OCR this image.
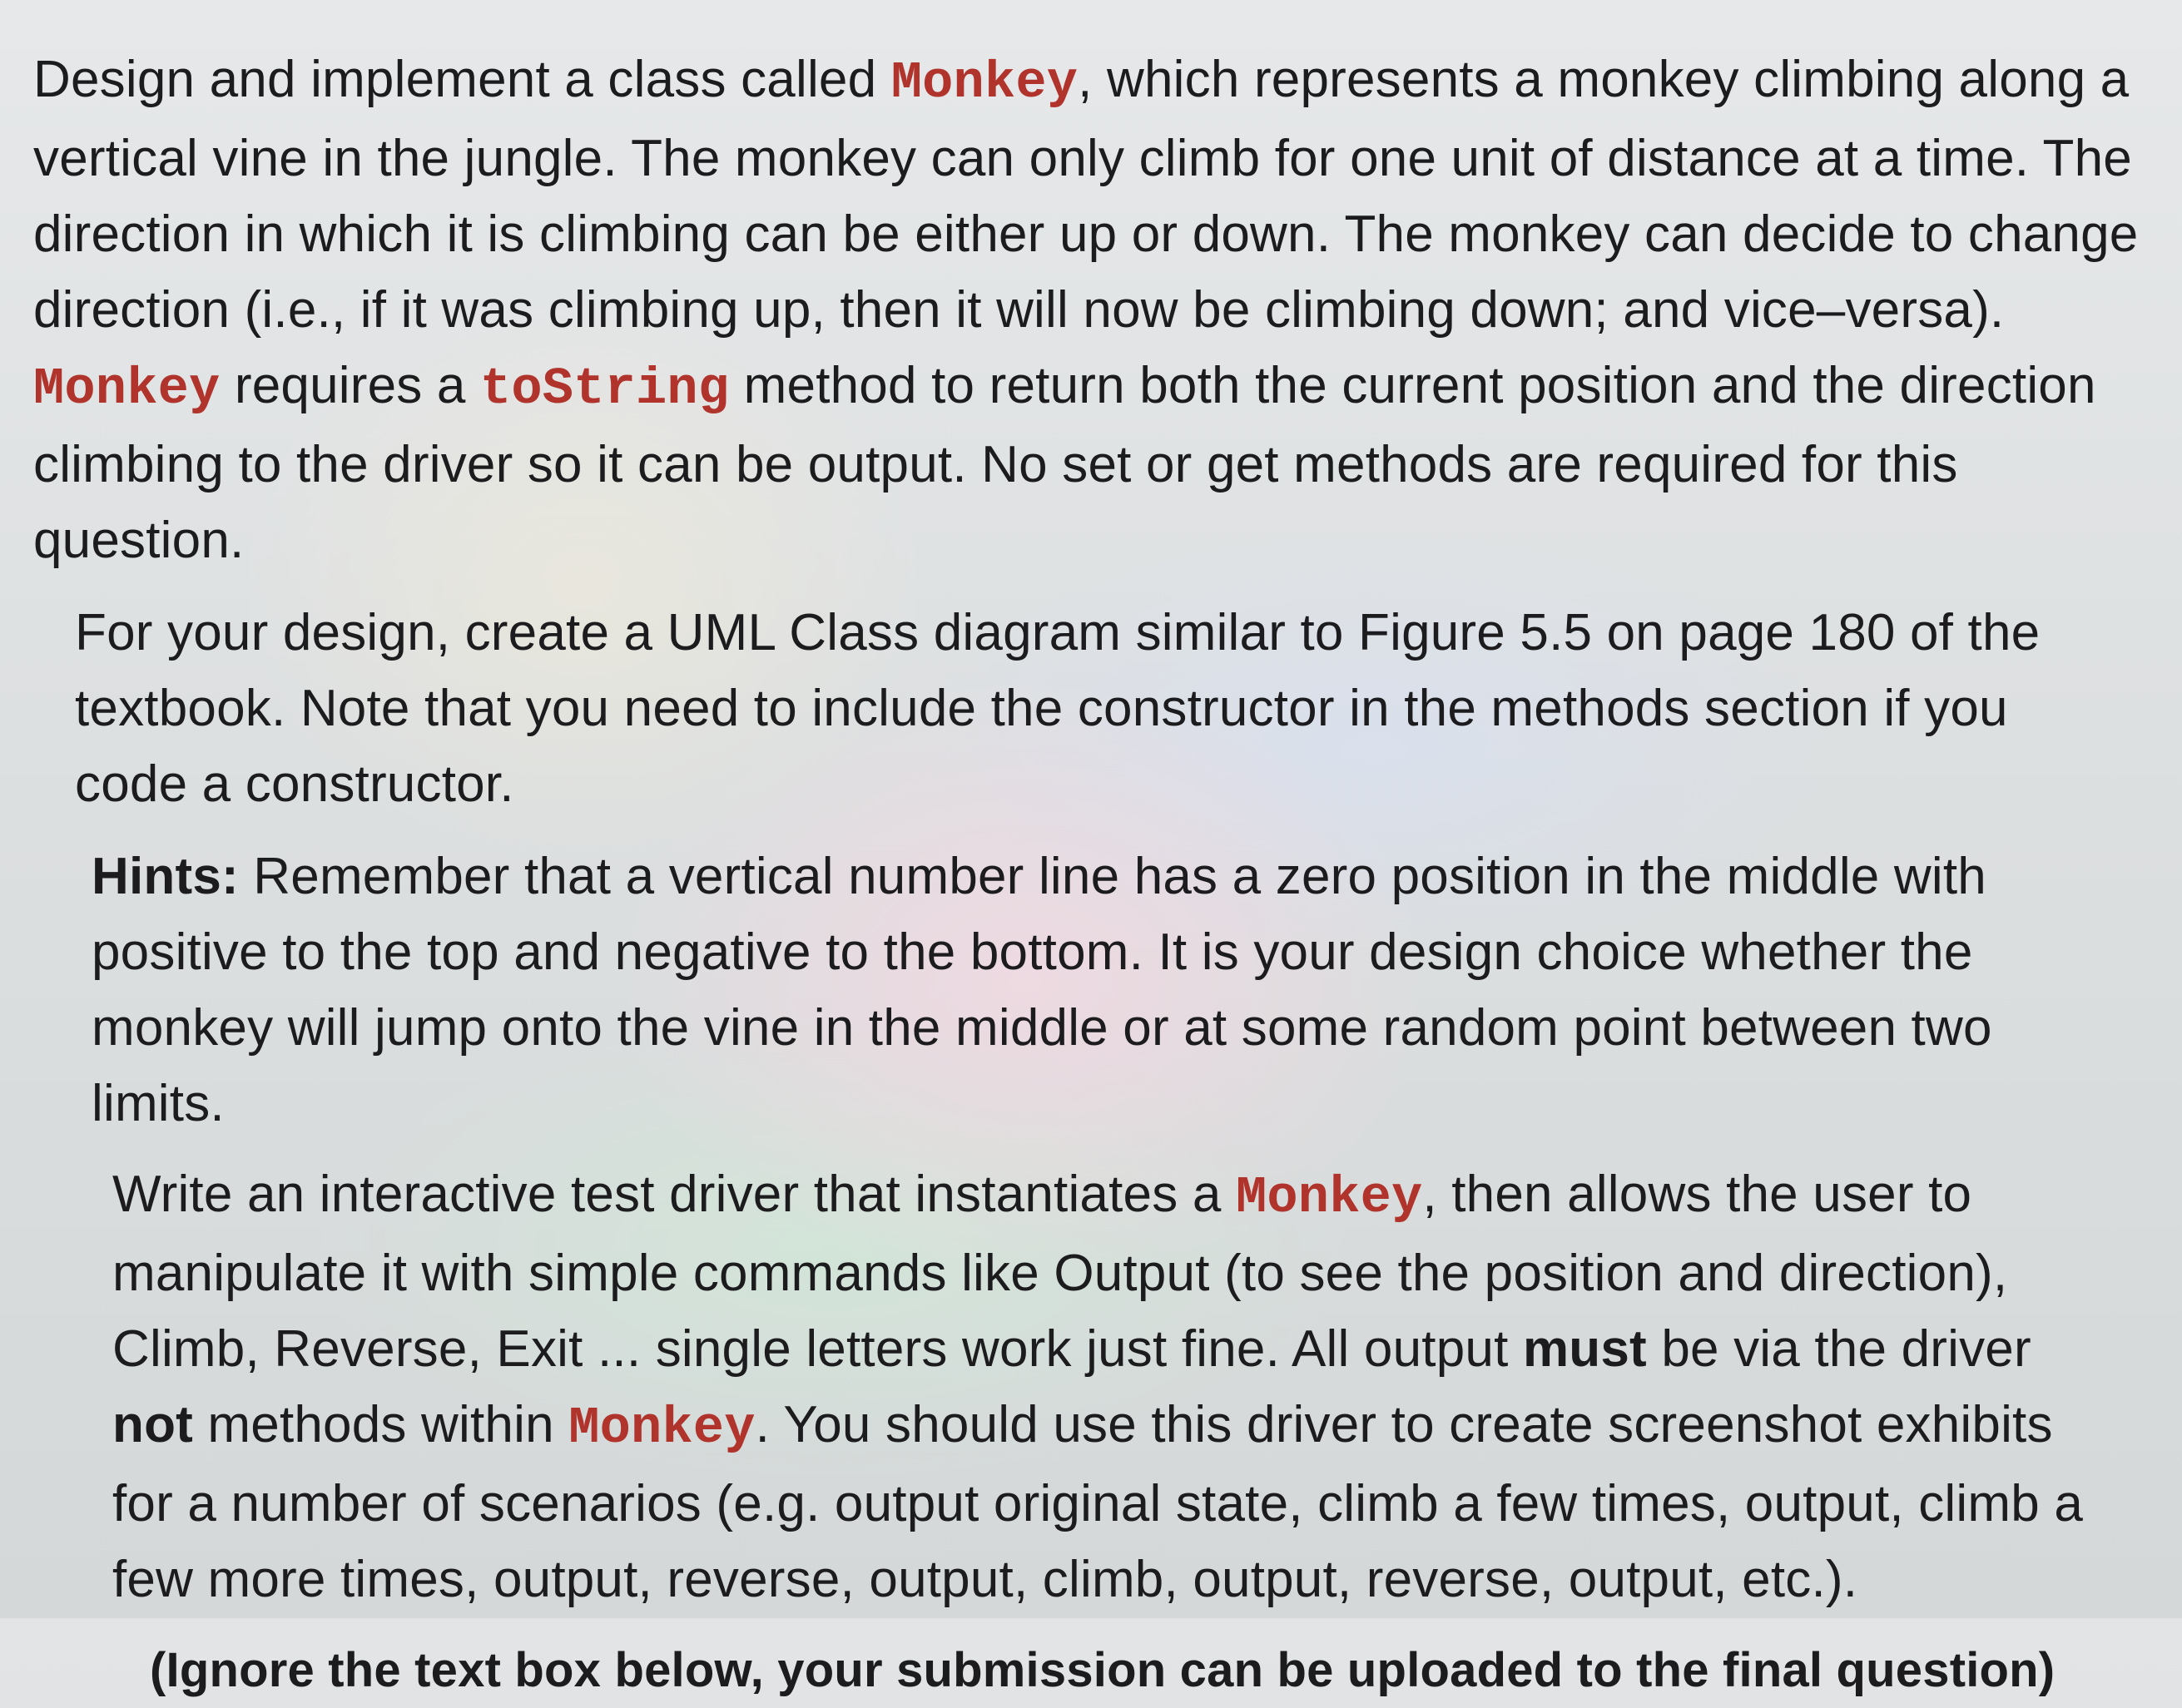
Design and implement a class called Monkey, which represents a monkey climbing along a vertical vine in the jungle. The monkey can only climb for one unit of distance at a time. The direction in which it is climbing can be either up or down. The monkey can decide to change direction (i.e., if it was climbing up, then it will now be climbing down; and vice–versa). Monkey requires a toString method to return both the current position and the direction climbing to the driver so it can be output. No set or get methods are required for this question.

For your design, create a UML Class diagram similar to Figure 5.5 on page 180 of the textbook. Note that you need to include the constructor in the methods section if you code a constructor.

Hints: Remember that a vertical number line has a zero position in the middle with positive to the top and negative to the bottom. It is your design choice whether the monkey will jump onto the vine in the middle or at some random point between two limits.

Write an interactive test driver that instantiates a Monkey, then allows the user to manipulate it with simple commands like Output (to see the position and direction), Climb, Reverse, Exit ... single letters work just fine. All output must be via the driver not methods within Monkey. You should use this driver to create screenshot exhibits for a number of scenarios (e.g. output original state, climb a few times, output, climb a few more times, output, reverse, output, climb, output, reverse, output, etc.).

(Ignore the text box below, your submission can be uploaded to the final question)
